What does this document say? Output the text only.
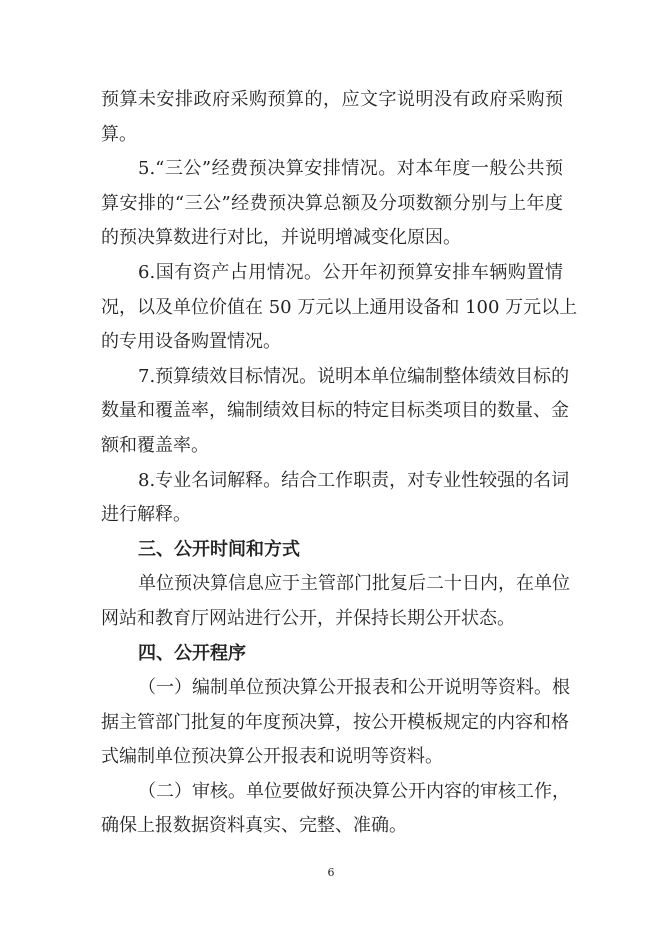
预算未安排政府采购预算的，应文字说明没有政府采购预
算。
5.“三公”经费预决算安排情况。对本年度一般公共预
算安排的“三公”经费预决算总额及分项数额分别与上年度
的预决算数进行对比，并说明增减变化原因。
6.国有资产占用情况。公开年初预算安排车辆购置情
况，以及单位价值在 50 万元以上通用设备和 100 万元以上
的专用设备购置情况。
7.预算绩效目标情况。说明本单位编制整体绩效目标的
数量和覆盖率，编制绩效目标的特定目标类项目的数量、金
额和覆盖率。
8.专业名词解释。结合工作职责，对专业性较强的名词
进行解释。
三、公开时间和方式
单位预决算信息应于主管部门批复后二十日内，在单位
网站和教育厅网站进行公开，并保持长期公开状态。
四、公开程序
（一）编制单位预决算公开报表和公开说明等资料。根
据主管部门批复的年度预决算，按公开模板规定的内容和格
式编制单位预决算公开报表和说明等资料。
（二）审核。单位要做好预决算公开内容的审核工作，
确保上报数据资料真实、完整、准确。
6
